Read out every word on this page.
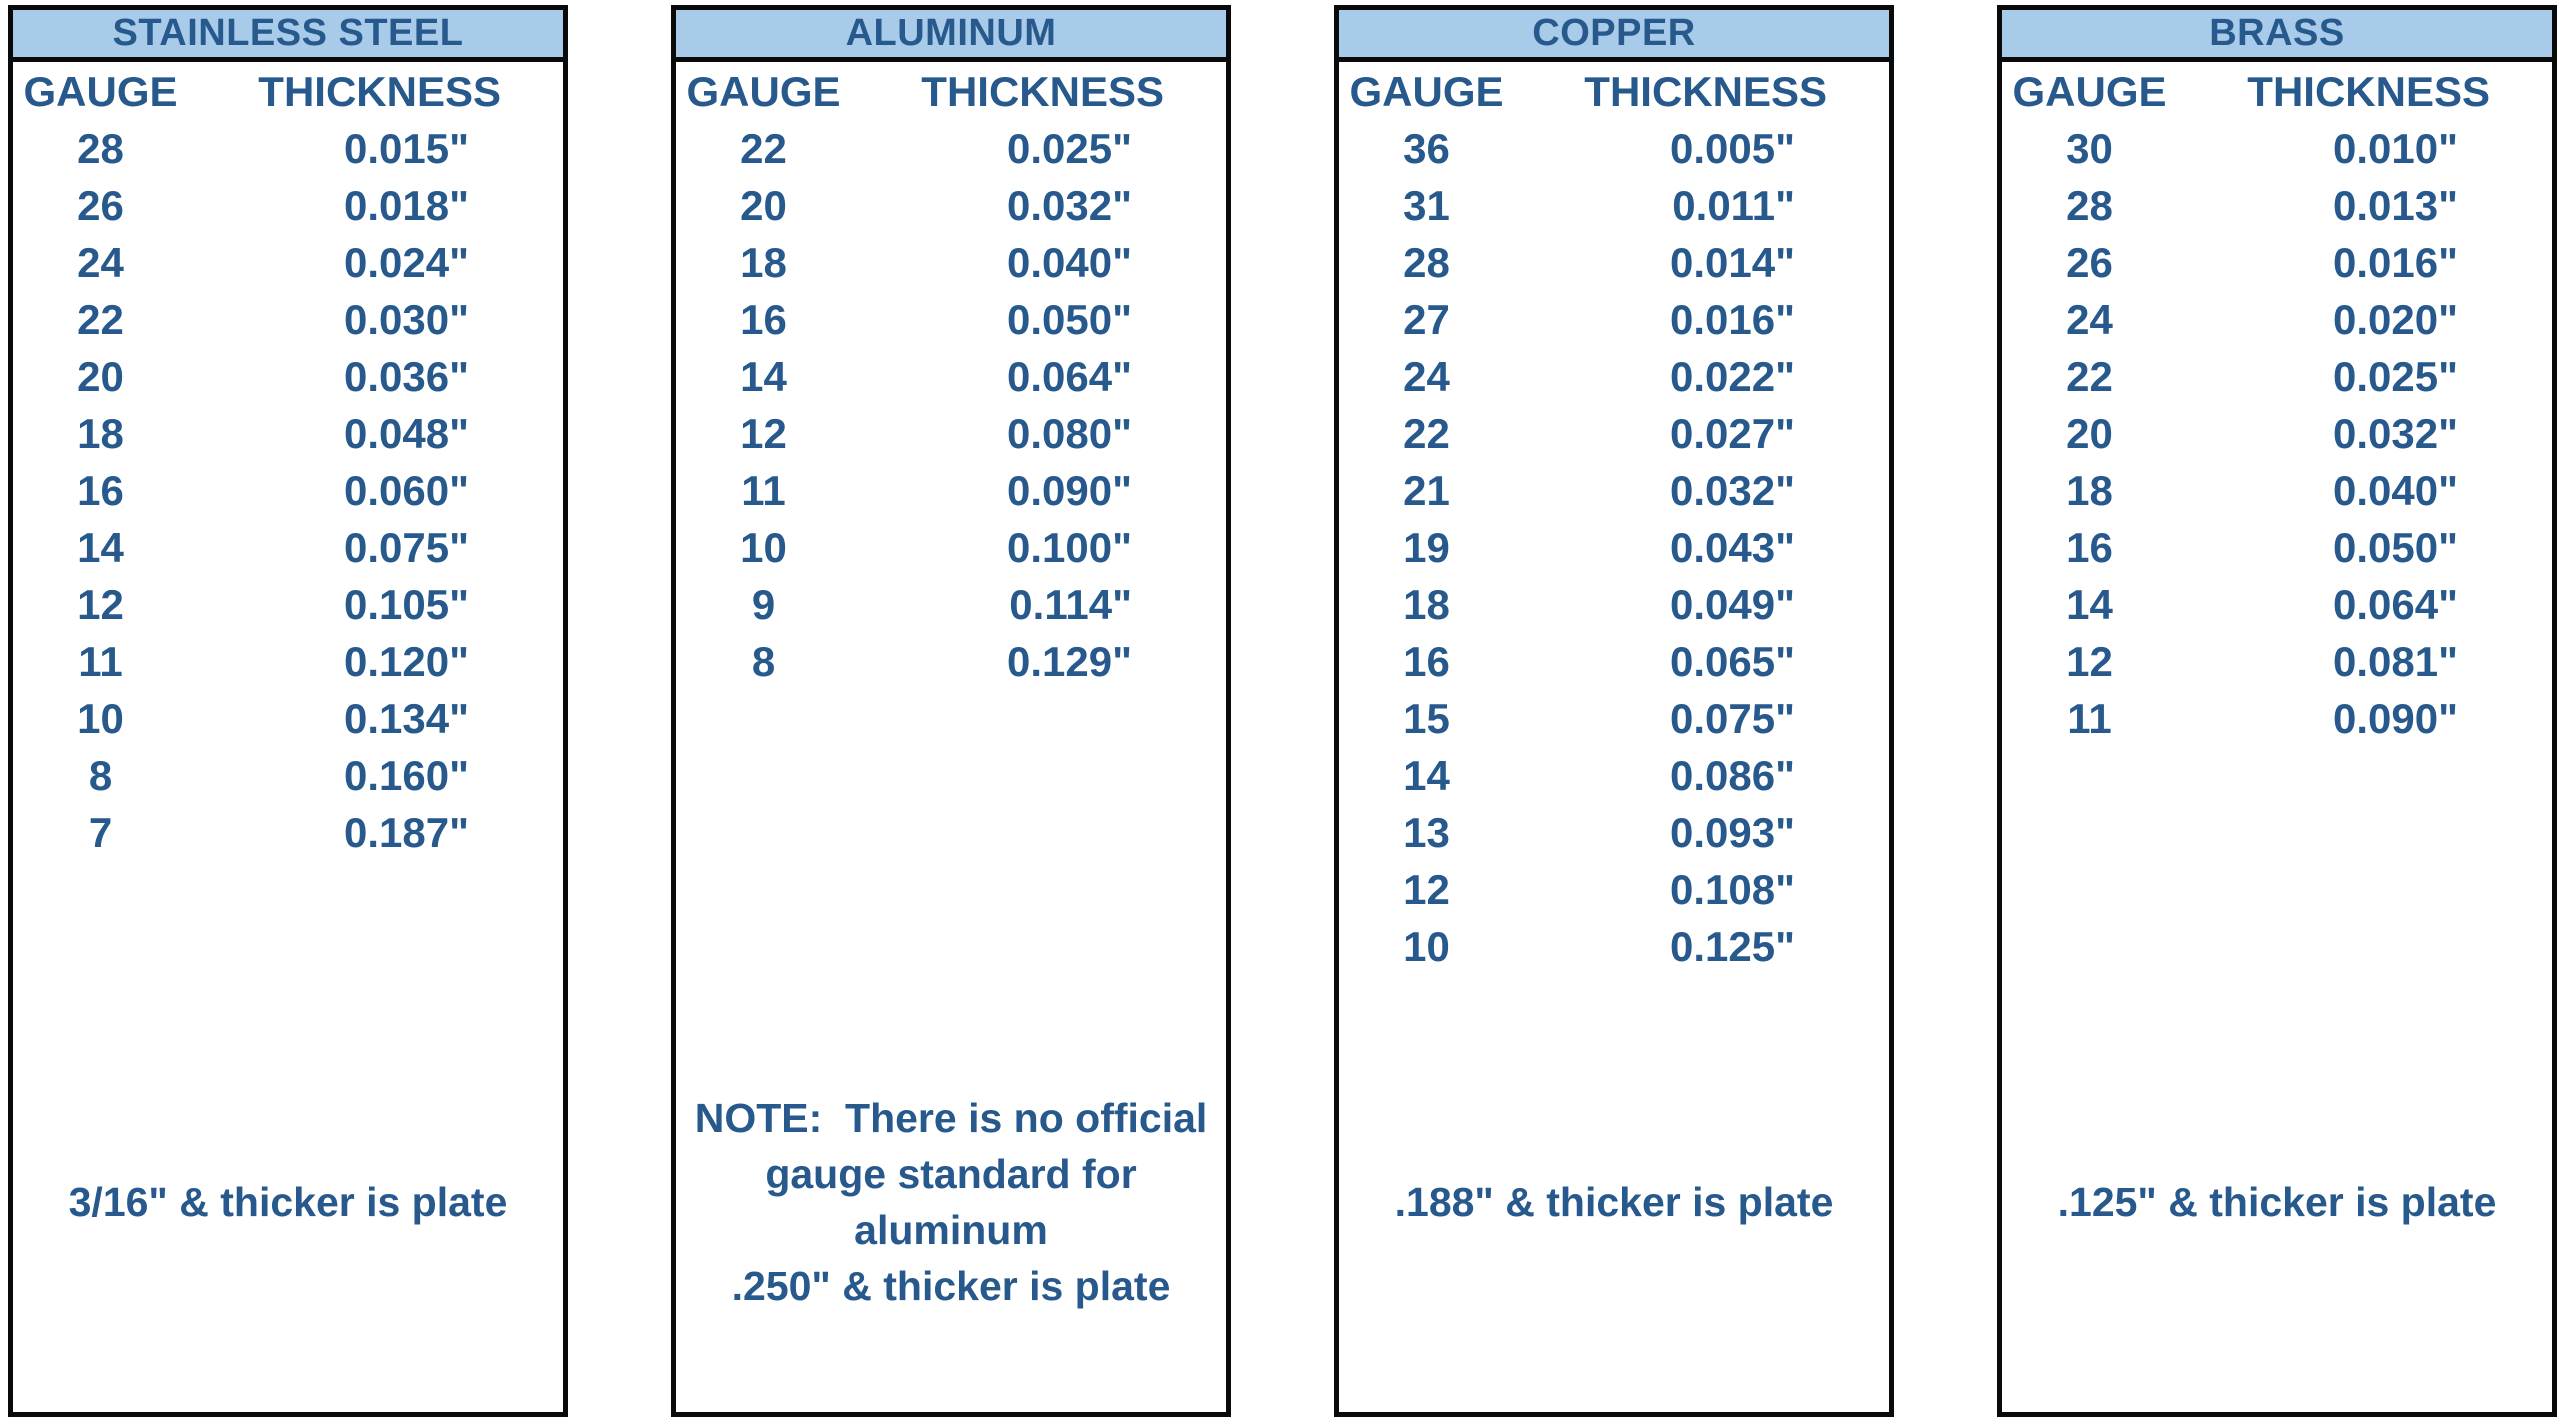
STAINLESS STEEL
GAUGE	THICKNESS
28	0.015"
26	0.018"
24	0.024"
22	0.030"
20	0.036"
18	0.048"
16	0.060"
14	0.075"
12	0.105"
11	0.120"
10	0.134"
8	0.160"
7	0.187"
3/16" & thicker is plate
ALUMINUM
GAUGE	THICKNESS
22	0.025"
20	0.032"
18	0.040"
16	0.050"
14	0.064"
12	0.080"
11	0.090"
10	0.100"
9	0.114"
8	0.129"
NOTE:  There is no official
gauge standard for aluminum
.250" & thicker is plate
COPPER
GAUGE	THICKNESS
36	0.005"
31	0.011"
28	0.014"
27	0.016"
24	0.022"
22	0.027"
21	0.032"
19	0.043"
18	0.049"
16	0.065"
15	0.075"
14	0.086"
13	0.093"
12	0.108"
10	0.125"
.188" & thicker is plate
BRASS
GAUGE	THICKNESS
30	0.010"
28	0.013"
26	0.016"
24	0.020"
22	0.025"
20	0.032"
18	0.040"
16	0.050"
14	0.064"
12	0.081"
11	0.090"
.125" & thicker is plate
